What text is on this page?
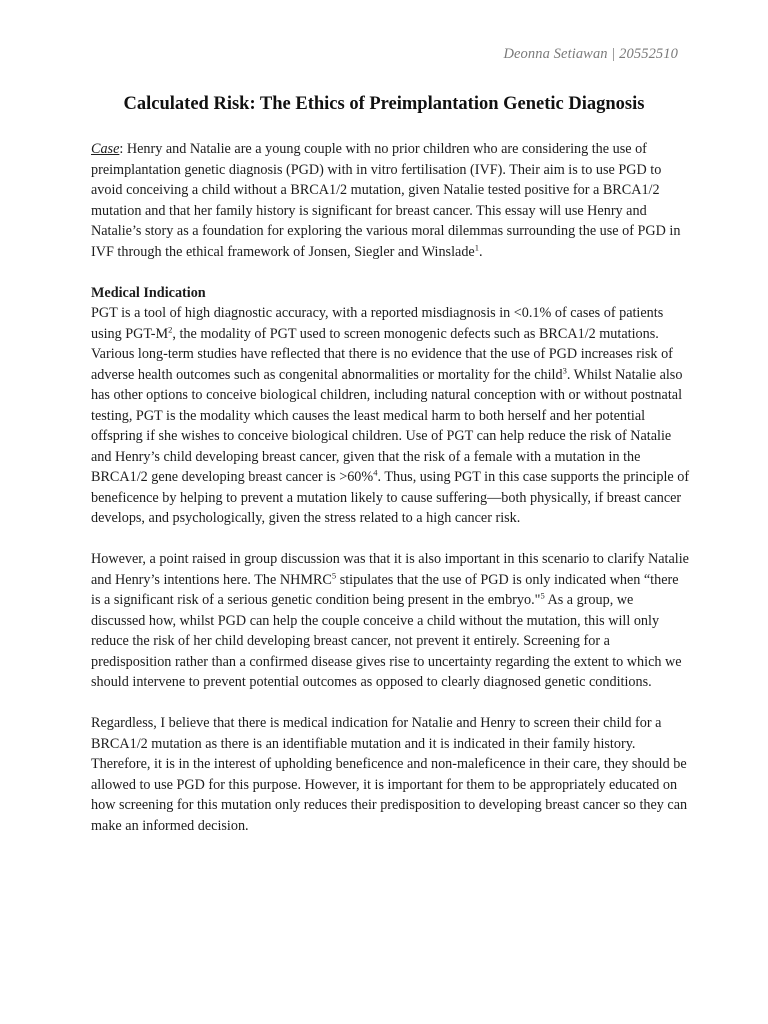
Deonna Setiawan | 20552510
Calculated Risk: The Ethics of Preimplantation Genetic Diagnosis

Case: Henry and Natalie are a young couple with no prior children who are considering the use of preimplantation genetic diagnosis (PGD) with in vitro fertilisation (IVF). Their aim is to use PGD to avoid conceiving a child without a BRCA1/2 mutation, given Natalie tested positive for a BRCA1/2 mutation and that her family history is significant for breast cancer. This essay will use Henry and Natalie’s story as a foundation for exploring the various moral dilemmas surrounding the use of PGD in IVF through the ethical framework of Jonsen, Siegler and Winslade$^1$.

Medical Indication

PGT is a tool of high diagnostic accuracy, with a reported misdiagnosis in <0.1% of cases of patients using PGT-$M^2$, the modality of PGT used to screen monogenic defects such as BRCA1/2 mutations. Various long-term studies have reflected that there is no evidence that the use of PGD increases risk of adverse health outcomes such as congenital abnormalities or mortality for the child$^3$. Whilst Natalie also has other options to conceive biological children, including natural conception with or without postnatal testing, PGT is the modality which causes the least medical harm to both herself and her potential offspring if she wishes to conceive biological children. Use of PGT can help reduce the risk of Natalie and Henry’s child developing breast cancer, given that the risk of a female with a mutation in the BRCA1/2 gene developing breast cancer is >60%$^4$. Thus, using PGT in this case supports the principle of beneficence by helping to prevent a mutation likely to cause suffering—both physically, if breast cancer develops, and psychologically, given the stress related to a high cancer risk.

However, a point raised in group discussion was that it is also important in this scenario to clarify Natalie and Henry’s intentions here. The NHMRC$^5$ stipulates that the use of PGD is only indicated when “there is a significant risk of a serious genetic condition being present in the embryo."$^5$ As a group, we discussed how, whilst PGD can help the couple conceive a child without the mutation, this will only reduce the risk of her child developing breast cancer, not prevent it entirely. Screening for a predisposition rather than a confirmed disease gives rise to uncertainty regarding the extent to which we should intervene to prevent potential outcomes as opposed to clearly diagnosed genetic conditions.

Regardless, I believe that there is medical indication for Natalie and Henry to screen their child for a BRCA1/2 mutation as there is an identifiable mutation and it is indicated in their family history. Therefore, it is in the interest of upholding beneficence and non-maleficence in their care, they should be allowed to use PGD for this purpose. However, it is important for them to be appropriately educated on how screening for this mutation only reduces their predisposition to developing breast cancer so they can make an informed decision.
